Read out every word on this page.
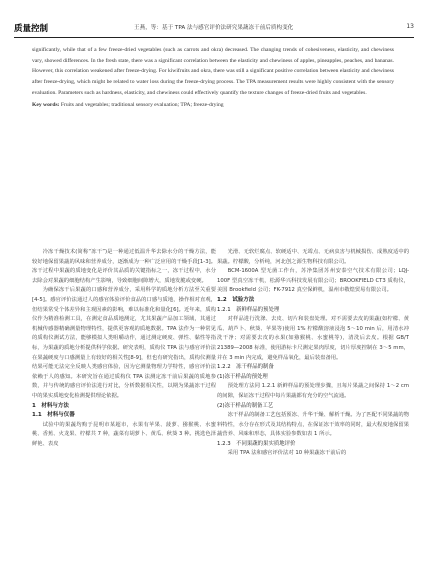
质量控制	王燕，等：基于 TPA 法与感官评价法研究果蔬冻干前后质构变化	13
significantly, while that of a few freeze-dried vegetables (such as carrots and okra) decreased. The changing trends of cohesiveness, elasticity, and chewiness vary, showed differences. In the fresh state, there was a significant correlation between the elasticity and chewiness of apples, pineapples, peaches, and bananas. However, this correlation weakened after freeze-drying. For kiwifruits and okra, there was still a significant positive correlation between elasticity and chewiness after freeze-drying, which might be related to water loss during the freeze-drying process. The TPA measurement results were highly consistent with the sensory evaluation. Parameters such as hardness, elasticity, and chewiness could effectively quantify the texture changes of freeze-dried fruits and vegetables.
Key words: Fruits and vegetables; traditional sensory evaluation; TPA; freeze-drying

冷冻干燥技术(简称“冻干”)是一种通过低温升华去除水分的干燥方法，能较好地保留果蔬的风味和营养成分，逐渐成为一种广泛应用的干燥手段[1-3]。冻干过程中果蔬的质地变化是评价其品质的关键指标之一，冻干过程中，水分去除会对果蔬的细胞结构产生影响，导致细胞间隙增大，质地发脆或变硬。

为确保冻干后果蔬的口感和营养成分，采用科学的质地分析方法至关重要[4-5]。感官评价法通过人的感官体验评价食品的口感与质地，操作相对直观，但结果常受个体差异和主观因素的影响，难以标准化和量化[6]。近年来，质构仪作为精准检测工具，在测定食品质地测定，尤其果蔬产品加工领域，其通过机械传感器精确测量物理特性，提供更客观的质地数据。TPA 法作为一种常见的质构仪测试方法，能够模拟人类咀嚼动作，通过测定硬度、弹性、黏性等指标，为果蔬的质地分析提供科学依据。研究表明，质构仪 TPA 法与感官评价法在果蔬硬度与口感测量上有较好的相关性[8-9]，但也有研究指出，质构仪测量结果可能无法完全反映人类感官体验，因为它测量物理力学特性，感官评价法依赖于人的感知。本研究旨在通过质构仪 TPA 法测定冻干前后果蔬的质地参数，并与传统的感官评价法进行对比，分析数据相关性，以期为果蔬冻干过程中的果实质地变化检测提供理论依据。

1　材料与方法
1.1　材料与仪器

试验中的果蔬均购于昆明市某超市，水果有苹果、菠萝、猕猴桃、水蜜桃、香蕉、火龙果、柠檬共 7 种，蔬菜有胡萝卜、黄瓜、秋葵 3 种。挑选色泽鲜艳、表皮

光滑、无软烂腐点、软硬适中、无霉点、无病虫害与机械损伤、成熟度适中的果蔬。柠檬酸，分析纯，河北创之源生物科技有限公司。

BCM-1600A 型无菌工作台，苏净集团苏州安泰空气技术有限公司；LQJ-100F 型真空冻干机，松源华兴科技发展有限公司；BROOKFIELD CT3 质构仪，美国 Brookfield 公司；FK-7912 真空保鲜机，温州市敬煌贸易有限公司。

1.2　试验方法
1.2.1　新鲜样品的预处理

对样品进行洗涤、去皮、切片和装盘处理。对不需要去皮的果蔬(如柠檬、黄瓜、葫芦卜、秋葵、苹果等)使用 1% 柠檬酸溶液浸泡 5～10 min 后，用清水冲洗干净；对需要去皮的水果(如猕猴桃、水蜜桃等)，清洗后去皮。根据 GB/T 21389—2008 标准，使用游标卡尺测定果肉厚度，切片厚度控制在 3～5 mm，并在 3 min 内完成，避免样品氧化，最后装盘备用。

1.2.2　冻干样品的制备
(1)冻干样品的预处理

预处理方法同 1.2.1 新鲜样品的预处理步骤，且每片果蔬之间保持 1～2 cm 的间隙，保证冻干过程中每片果蔬都有充分的空气流通。

(2)冻干样品的制备工艺

冻干样品的制备工艺包括预冻、升华干燥、解析干燥。为了匹配不同果蔬的物料特性，水分存在形式及其结构特点，在保证冻干效率的同时，最大程度地保留果蔬营养、风味和形态，具体实验参数如表 1 所示。

1.2.3　不同果蔬的果实质地评价

采用 TPA 法和感官评价法对 10 种果蔬冻干前后的
